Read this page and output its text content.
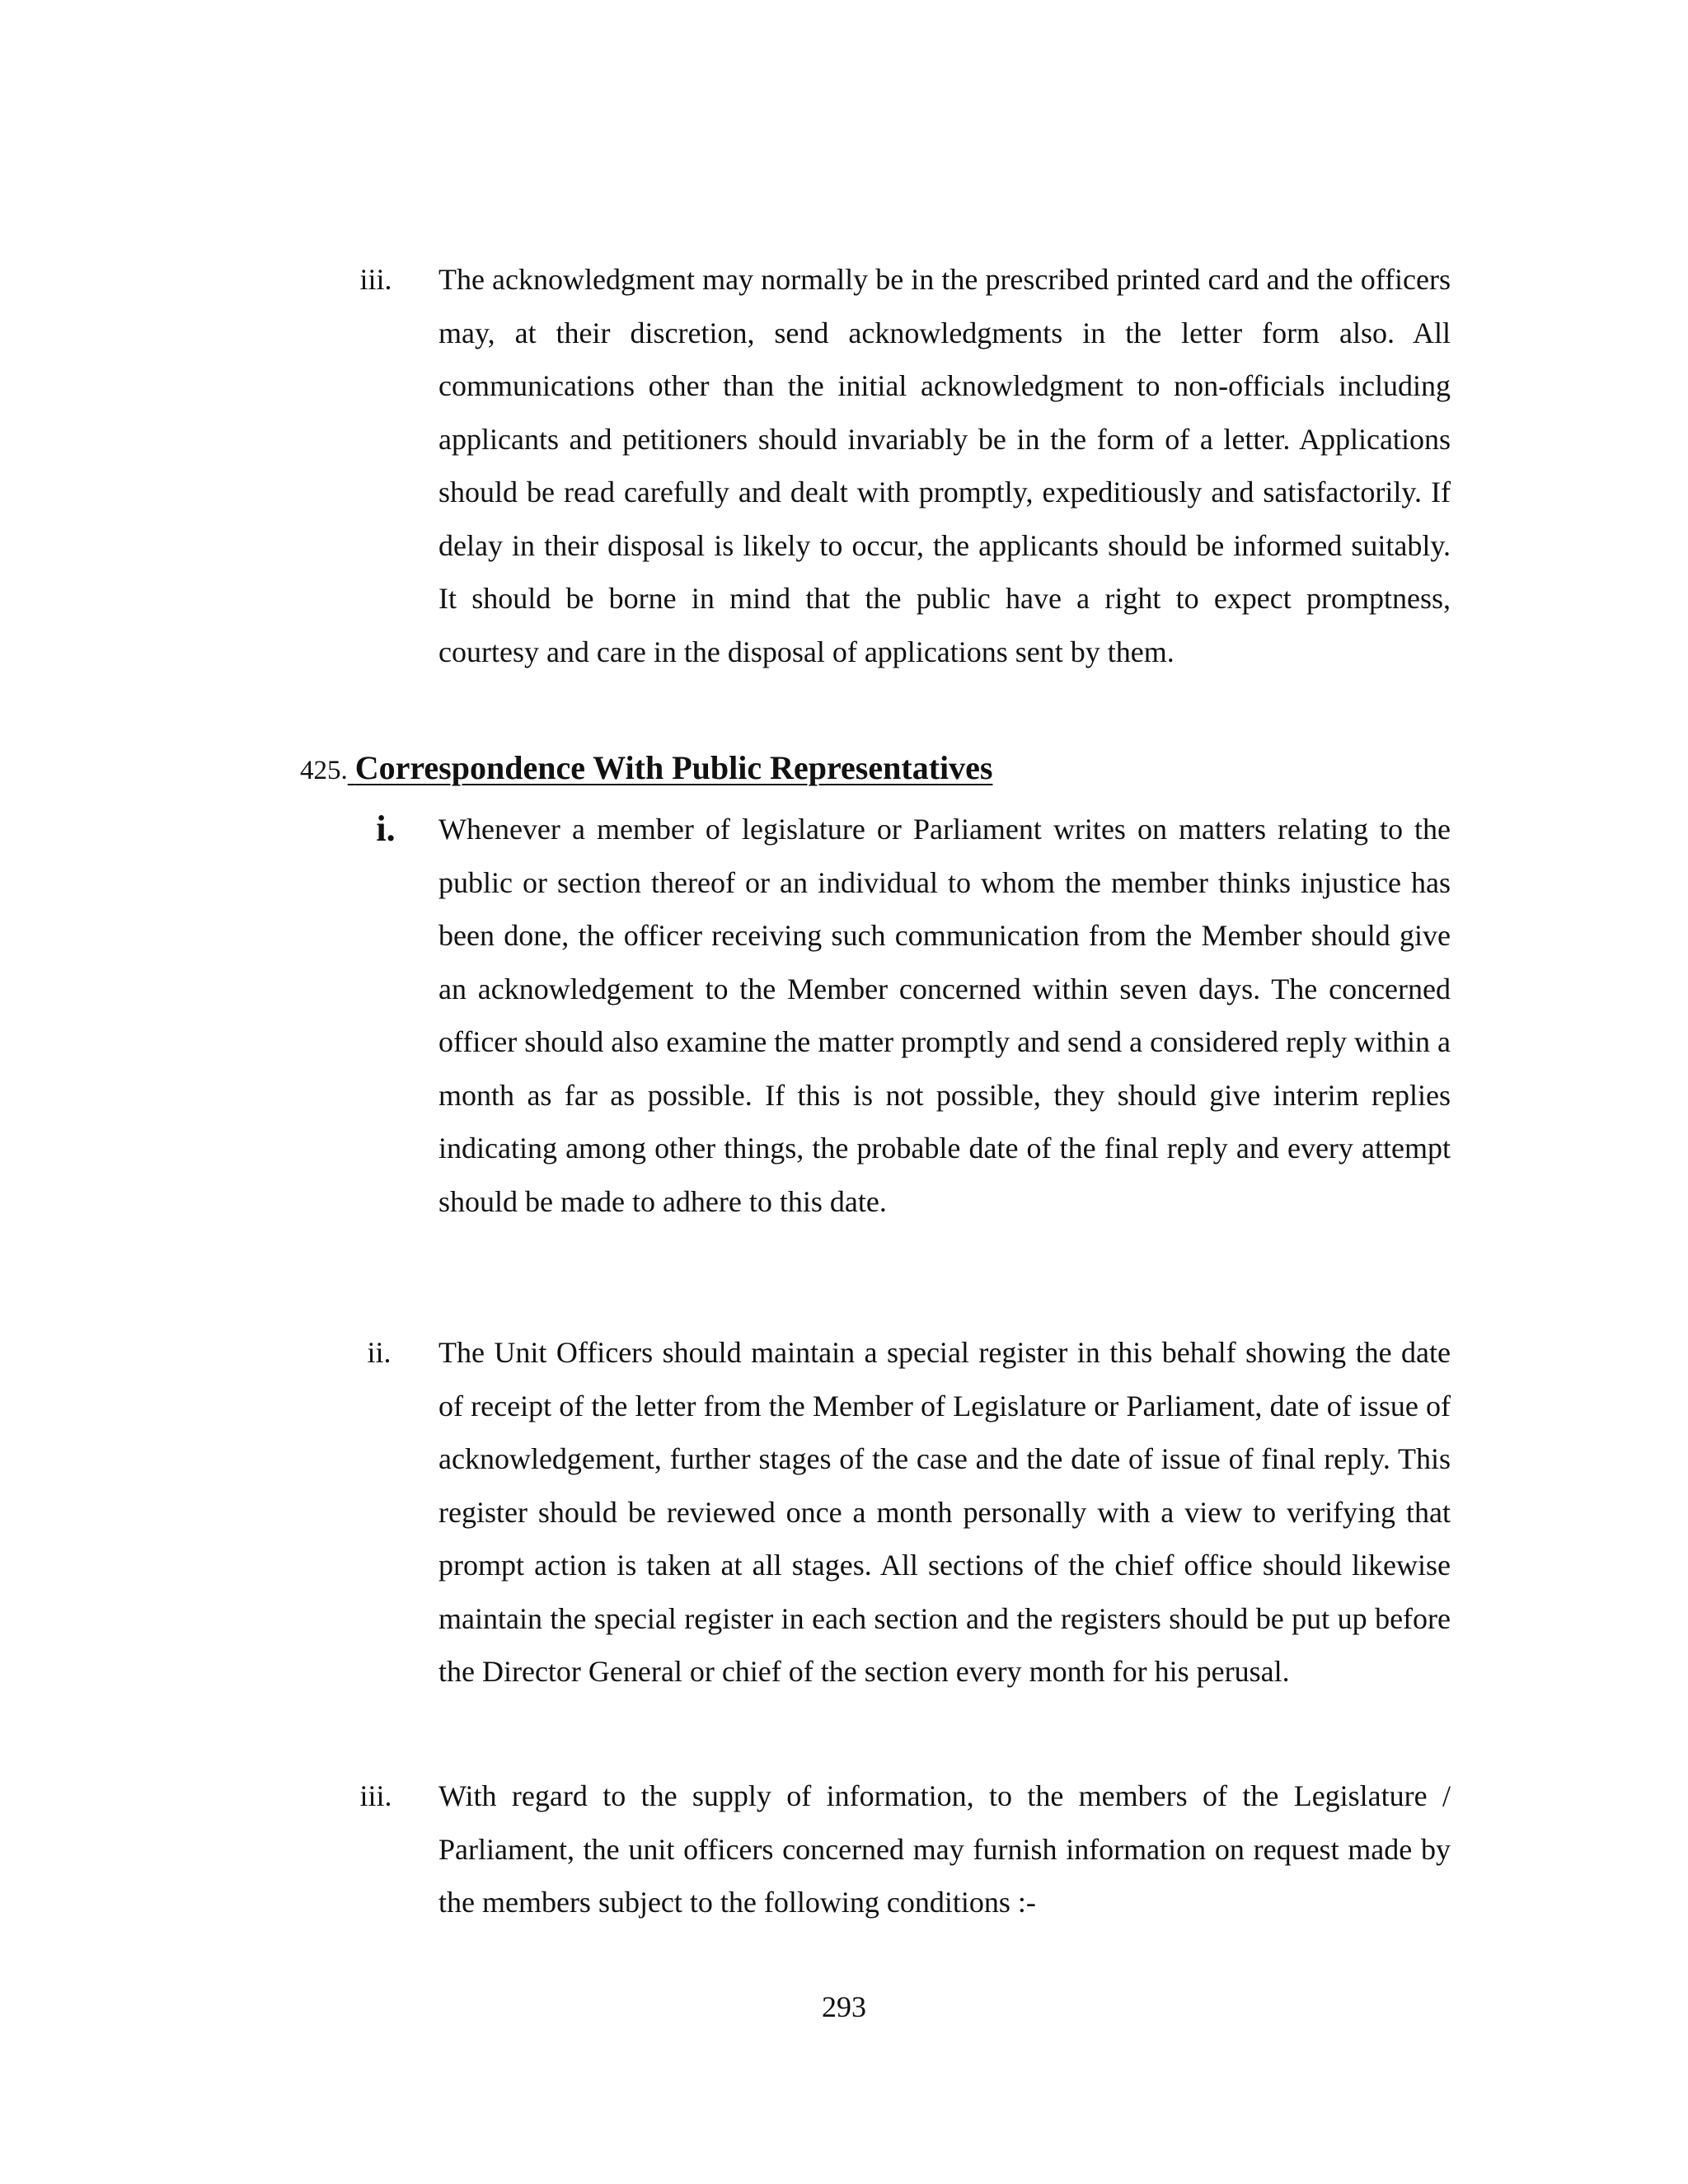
iii.	The acknowledgment may normally be in the prescribed printed card and the officers may, at their discretion, send acknowledgments in the letter form also. All communications other than the initial acknowledgment to non-officials including applicants and petitioners should invariably be in the form of a letter. Applications should be read carefully and dealt with promptly, expeditiously and satisfactorily. If delay in their disposal is likely to occur, the applicants should be informed suitably. It should be borne in mind that the public have a right to expect promptness, courtesy and care in the disposal of applications sent by them.

425. Correspondence With Public Representatives
i.	Whenever a member of legislature or Parliament writes on matters relating to the public or section thereof or an individual to whom the member thinks injustice has been done, the officer receiving such communication from the Member should give an acknowledgement to the Member concerned within seven days. The concerned officer should also examine the matter promptly and send a considered reply within a month as far as possible. If this is not possible, they should give interim replies indicating among other things, the probable date of the final reply and every attempt should be made to adhere to this date.

ii.	The Unit Officers should maintain a special register in this behalf showing the date of receipt of the letter from the Member of Legislature or Parliament, date of issue of acknowledgement, further stages of the case and the date of issue of final reply. This register should be reviewed once a month personally with a view to verifying that prompt action is taken at all stages. All sections of the chief office should likewise maintain the special register in each section and the registers should be put up before the Director General or chief of the section every month for his perusal.

iii.	With regard to the supply of information, to the members of the Legislature / Parliament, the unit officers concerned may furnish information on request made by the members subject to the following conditions :-

293
